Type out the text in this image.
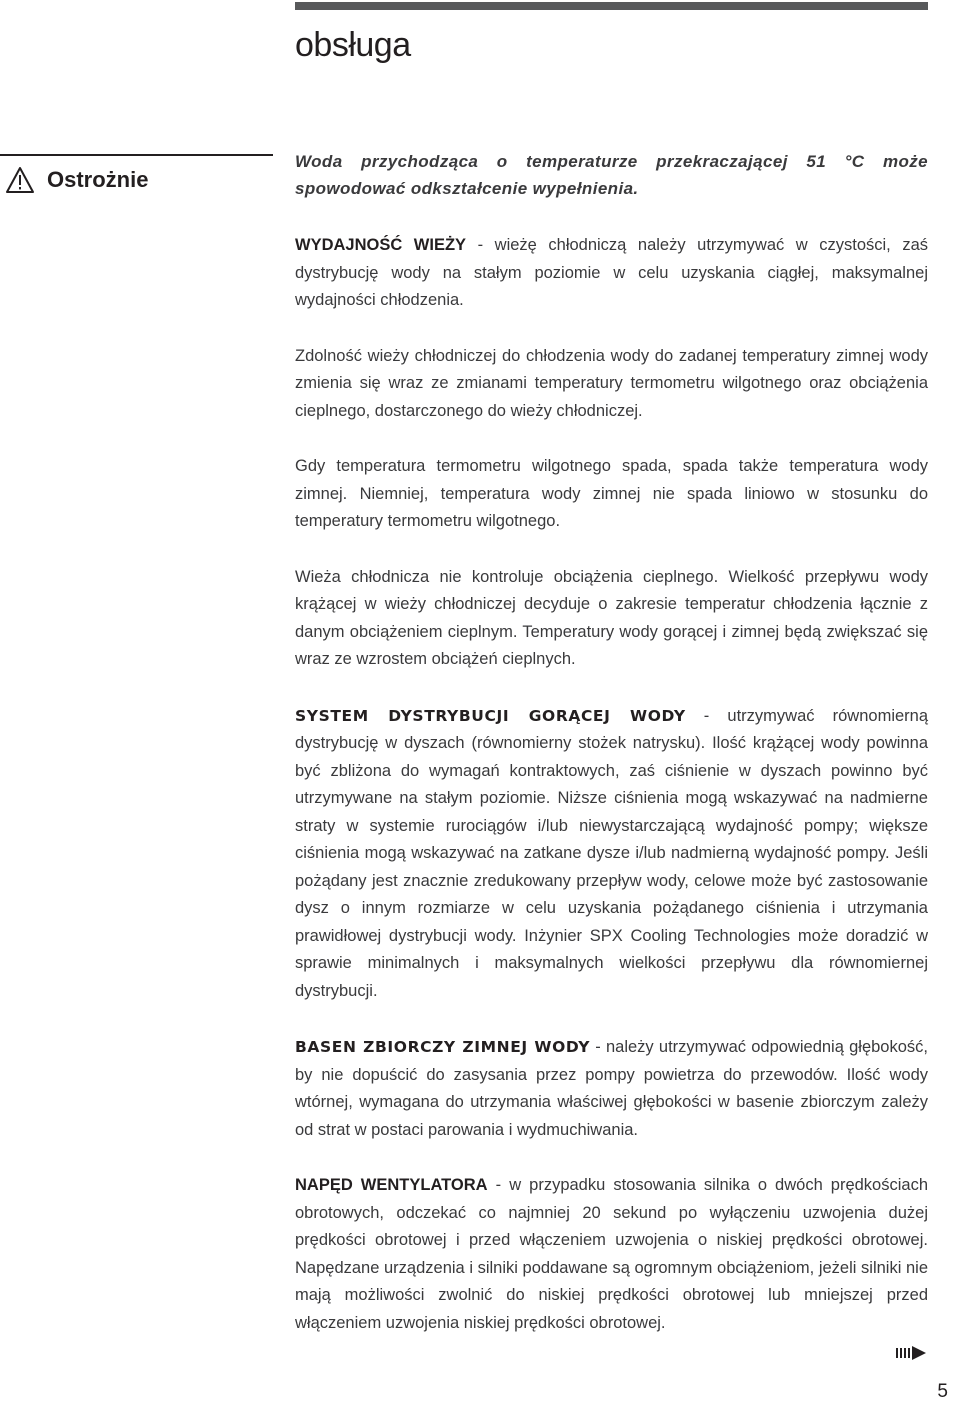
obsługa
Ostrożnie

Woda przychodząca o temperaturze przekraczającej 51 °C może spowodować odkształcenie wypełnienia.

WYDAJNOŚĆ WIEŻY - wieżę chłodniczą należy utrzymywać w czystości, zaś dystrybucję wody na stałym poziomie w celu uzyskania ciągłej, maksymalnej wydajności chłodzenia.

Zdolność wieży chłodniczej do chłodzenia wody do zadanej temperatury zimnej wody zmienia się wraz ze zmianami temperatury termometru wilgotnego oraz obciążenia cieplnego, dostarczonego do wieży chłodniczej.

Gdy temperatura termometru wilgotnego spada, spada także temperatura wody zimnej. Niemniej, temperatura wody zimnej nie spada liniowo w stosunku do temperatury termometru wilgotnego.

Wieża chłodnicza nie kontroluje obciążenia cieplnego. Wielkość przepływu wody krążącej w wieży chłodniczej decyduje o zakresie temperatur chłodzenia łącznie z danym obciążeniem cieplnym. Temperatury wody gorącej i zimnej będą zwiększać się wraz ze wzrostem obciążeń cieplnych.

SYSTEM DYSTRYBUCJI GORĄCEJ WODY - utrzymywać równomierną dystrybucję w dyszach (równomierny stożek natrysku). Ilość krążącej wody powinna być zbliżona do wymagań kontraktowych, zaś ciśnienie w dyszach powinno być utrzymywane na stałym poziomie. Niższe ciśnienia mogą wskazywać na nadmierne straty w systemie rurociągów i/lub niewystarczającą wydajność pompy; większe ciśnienia mogą wskazywać na zatkane dysze i/lub nadmierną wydajność pompy. Jeśli pożądany jest znacznie zredukowany przepływ wody, celowe może być zastosowanie dysz o innym rozmiarze w celu uzyskania pożądanego ciśnienia i utrzymania prawidłowej dystrybucji wody. Inżynier SPX Cooling Technologies może doradzić w sprawie minimalnych i maksymalnych wielkości przepływu dla równomiernej dystrybucji.

BASEN ZBIORCZY ZIMNEJ WODY - należy utrzymywać odpowiednią głębokość, by nie dopuścić do zasysania przez pompy powietrza do przewodów. Ilość wody wtórnej, wymagana do utrzymania właściwej głębokości w basenie zbiorczym zależy od strat w postaci parowania i wydmuchiwania.

NAPĘD WENTYLATORA - w przypadku stosowania silnika o dwóch prędkościach obrotowych, odczekać co najmniej 20 sekund po wyłączeniu uzwojenia dużej prędkości obrotowej i przed włączeniem uzwojenia o niskiej prędkości obrotowej. Napędzane urządzenia i silniki poddawane są ogromnym obciążeniom, jeżeli silniki nie mają możliwości zwolnić do niskiej prędkości obrotowej lub mniejszej przed włączeniem uzwojenia niskiej prędkości obrotowej.

5
